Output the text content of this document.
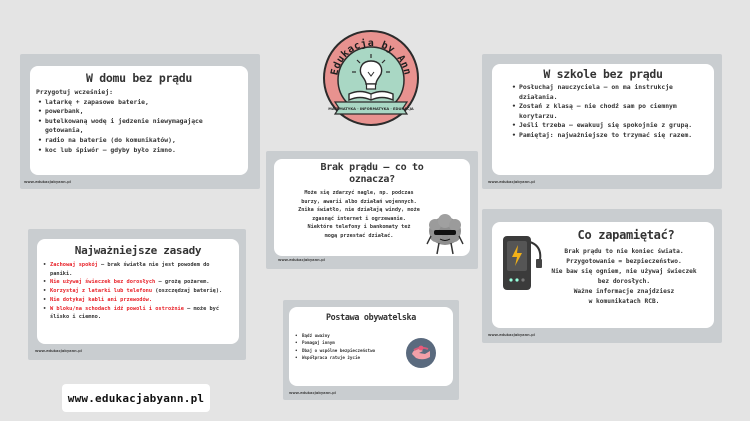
Edukacja by Ann
MATEMATYKA · INFORMATYKA · EDUKACJA
W domu bez prądu
Przygotuj wcześniej:
• latarkę + zapasowe baterie,
• powerbank,
• butelkowaną wodę i jedzenie niewymagające gotowania,
• radio na baterie (do komunikatów),
• koc lub śpiwór – gdyby było zimno.
www.edukacjabyann.pl
W szkole bez prądu
• Posłuchaj nauczyciela – on ma instrukcje działania.
• Zostań z klasą – nie chodź sam po ciemnym korytarzu.
• Jeśli trzeba – ewakuuj się spokojnie z grupą.
• Pamiętaj: najważniejsze to trzymać się razem.
www.edukacjabyann.pl
Brak prądu – co to
oznacza?
Może się zdarzyć nagle, np. podczas
burzy, awarii albo działań wojennych.
Znika światło, nie działają windy, może
zgasnąć internet i ogrzewanie.
Niektóre telefony i bankomaty też
mogą przestać działać.
www.edukacjabyann.pl
Najważniejsze zasady
• Zachowaj spokój – brak światła nie jest powodem do paniki.
• Nie używaj świeczek bez dorosłych – grożą pożarem.
• Korzystaj z latarki lub telefonu (oszczędzaj baterię).
• Nie dotykaj kabli ani przewodów.
• W bloku/na schodach idź powoli i ostrożnie – może być ślisko i ciemno.
www.edukacjabyann.pl
Co zapamiętać?
Brak prądu to nie koniec świata.
Przygotowanie = bezpieczeństwo.
Nie baw się ogniem, nie używaj świeczek
bez dorosłych.
Ważne informacje znajdziesz
w komunikatach RCB.
www.edukacjabyann.pl
Postawa obywatelska
• Bądź uważny
• Pomagaj innym
• Dbaj o wspólne bezpieczeństwo
• Współpraca ratuje życie
www.edukacjabyann.pl
www.edukacjabyann.pl
